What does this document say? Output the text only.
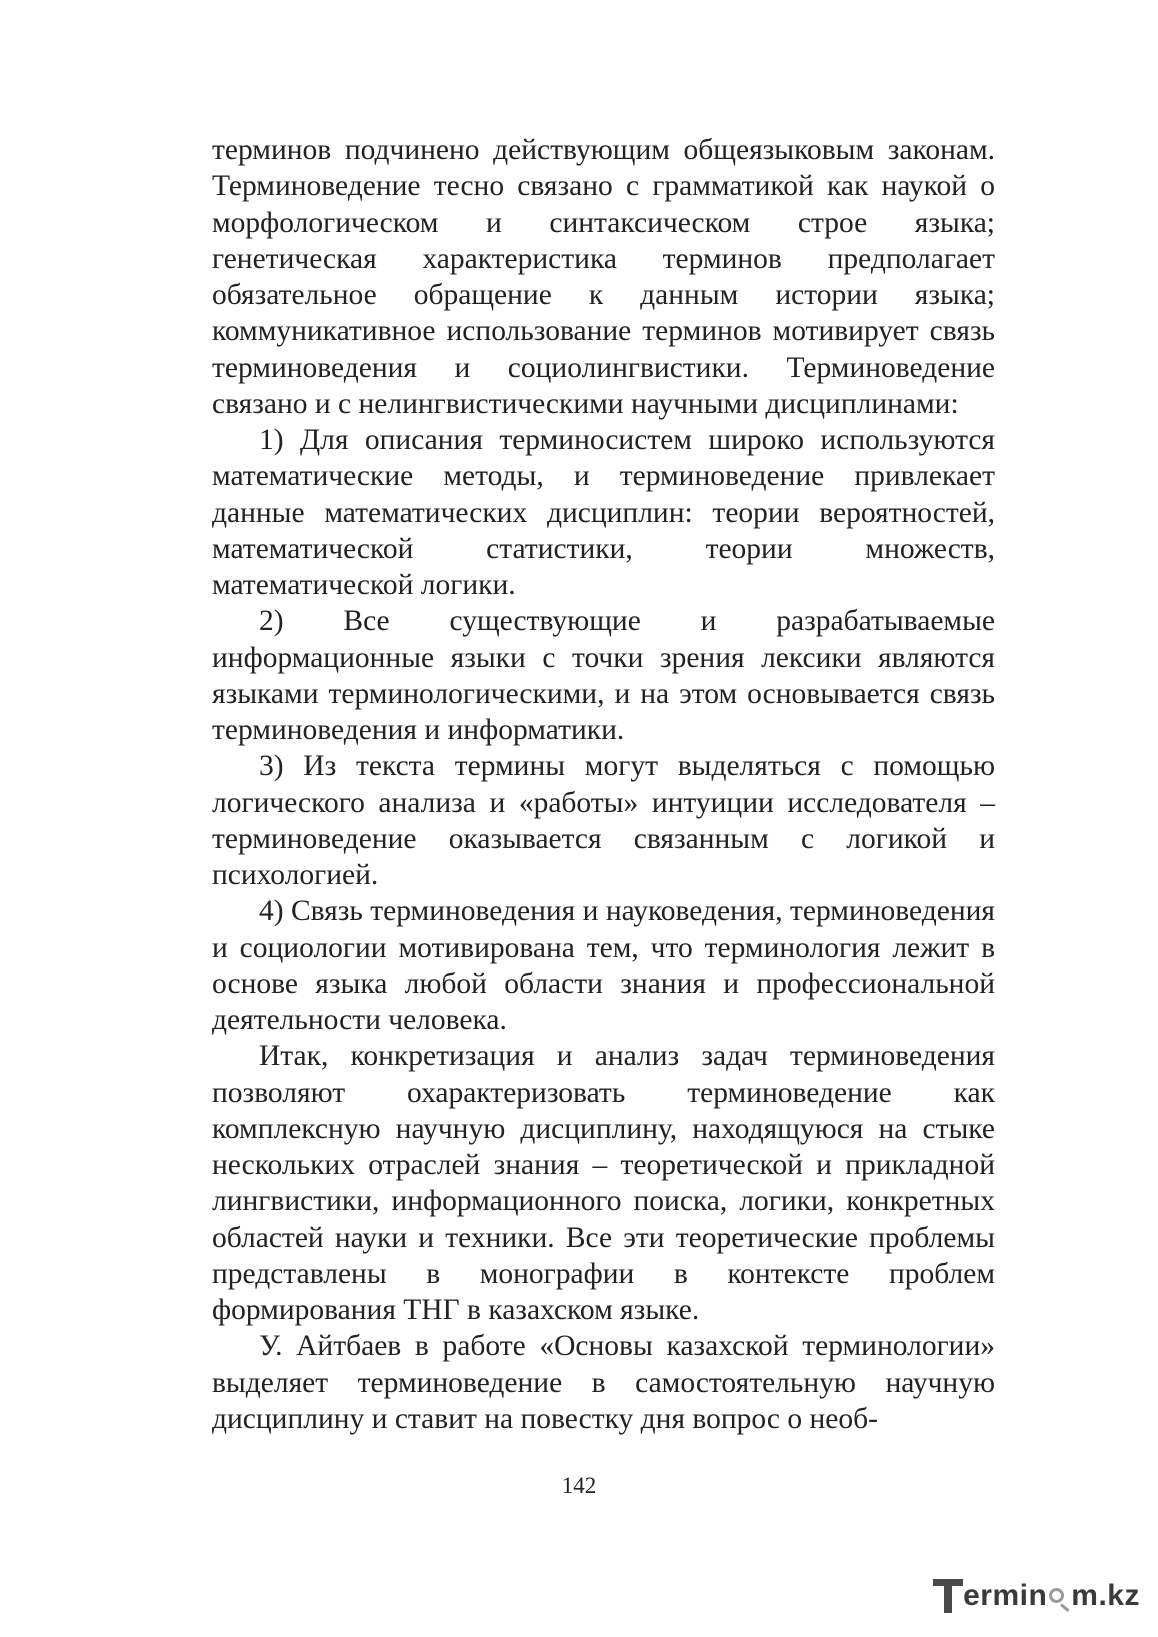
терминов подчинено действующим общеязыковым законам. Терминоведение тесно связано с грамматикой как наукой о морфологическом и синтаксическом строе языка; генетическая характеристика терминов предполагает обязательное обращение к данным истории языка; коммуникативное использование терминов мотивирует связь терминоведения и социолингвистики. Терминоведение связано и с нелингвистическими научными дисциплинами:

1) Для описания терминосистем широко используются математические методы, и терминоведение привлекает данные математических дисциплин: теории вероятностей, математической статистики, теории множеств, математической логики.

2) Все существующие и разрабатываемые информационные языки с точки зрения лексики являются языками терминологическими, и на этом основывается связь терминоведения и информатики.

3) Из текста термины могут выделяться с помощью логического анализа и «работы» интуиции исследователя – терминоведение оказывается связанным с логикой и психологией.

4) Связь терминоведения и науковедения, терминоведения и социологии мотивирована тем, что терминология лежит в основе языка любой области знания и профессиональной деятельности человека.

Итак, конкретизация и анализ задач терминоведения позволяют охарактеризовать терминоведение как комплексную научную дисциплину, находящуюся на стыке нескольких отраслей знания – теоретической и прикладной лингвистики, информационного поиска, логики, конкретных областей науки и техники. Все эти теоретические проблемы представлены в монографии в контексте проблем формирования ТНГ в казахском языке.

У. Айтбаев в работе «Основы казахской терминологии» выделяет терминоведение в самостоятельную научную дисциплину и ставит на повестку дня вопрос о необ-

142
ermin m.kz
